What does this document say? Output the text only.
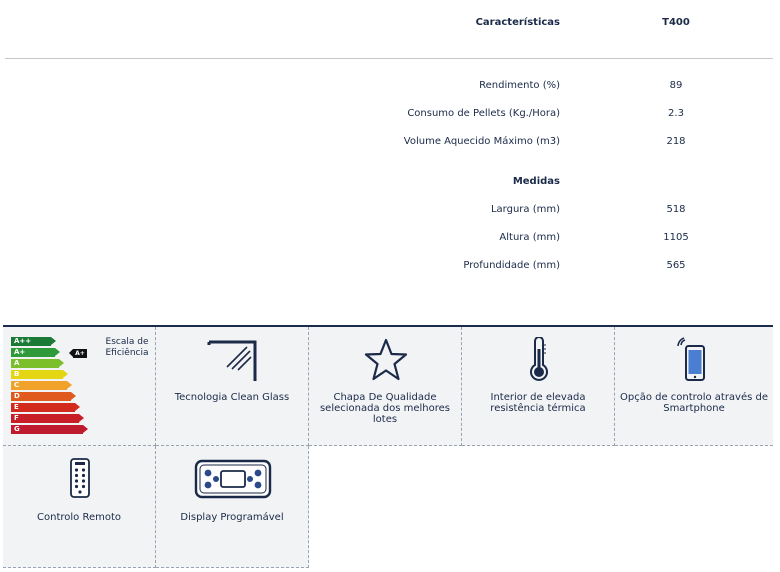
Características	T400
Rendimento (%)	89
Consumo de Pellets (Kg./Hora)	2.3
Volume Aquecido Máximo (m3)	218
Medidas
Largura (mm)	518
Altura (mm)	1105
Profundidade (mm)	565
A++
A+
A
B
C
D
E
F
G
A+
Escala de Eficiência
Tecnologia Clean Glass	Chapa De Qualidade selecionada dos melhores lotes
Interior de elevada resistência térmica
Opção de controlo através de Smartphone
Controlo Remoto	Display Programável
